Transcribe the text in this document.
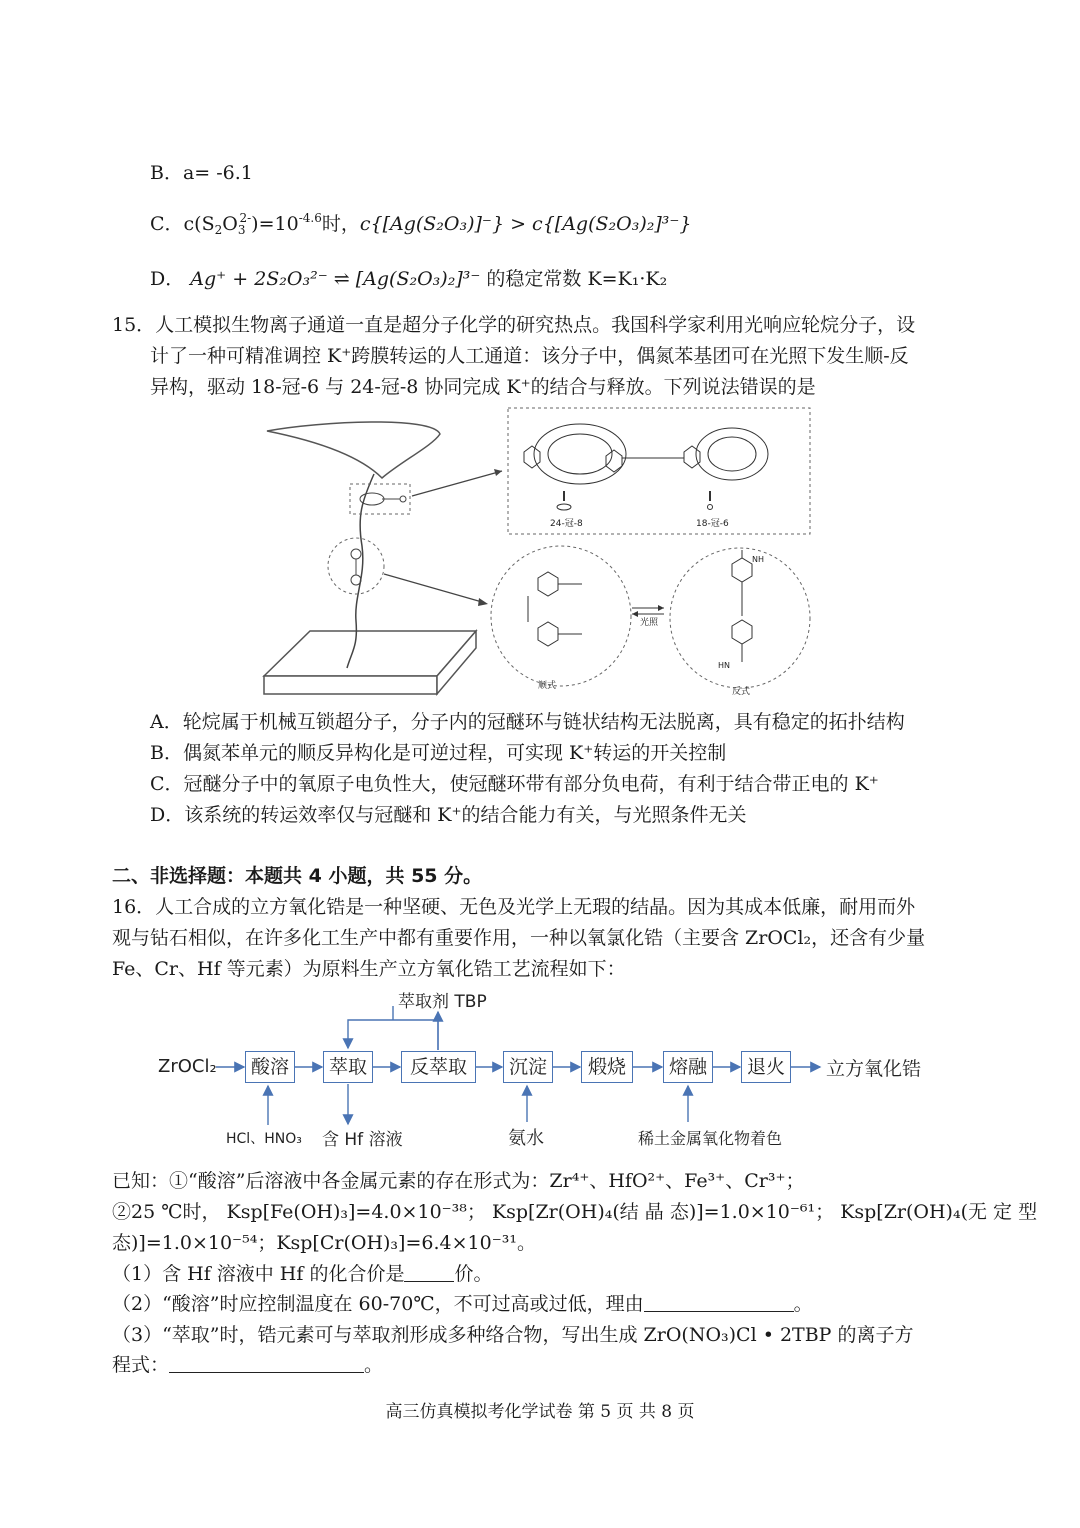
B．a= -6.1
C．$c(S_2O_3^{2-})=10^{-4.6}$时，c{[Ag(S₂O₃)]⁻} > c{[Ag(S₂O₃)₂]³⁻}
D． Ag⁺ + 2S₂O₃²⁻ ⇌ [Ag(S₂O₃)₂]³⁻ 的稳定常数 K=K₁·K₂
15．人工模拟生物离子通道一直是超分子化学的研究热点。我国科学家利用光响应轮烷分子，设
计了一种可精准调控 K⁺跨膜转运的人工通道：该分子中，偶氮苯基团可在光照下发生顺-反
异构，驱动 18-冠-6 与 24-冠-8 协同完成 K⁺的结合与释放。下列说法错误的是
24-冠-8	18-冠-6
顺式
光照
NH
HN
反式
A．轮烷属于机械互锁超分子，分子内的冠醚环与链状结构无法脱离，具有稳定的拓扑结构
B．偶氮苯单元的顺反异构化是可逆过程，可实现 K⁺转运的开关控制
C．冠醚分子中的氧原子电负性大，使冠醚环带有部分负电荷，有利于结合带正电的 K⁺
D．该系统的转运效率仅与冠醚和 K⁺的结合能力有关，与光照条件无关
二、非选择题：本题共 4 小题，共 55 分。
16．人工合成的立方氧化锆是一种坚硬、无色及光学上无瑕的结晶。因为其成本低廉，耐用而外
观与钻石相似，在许多化工生产中都有重要作用，一种以氧氯化锆（主要含 ZrOCl₂，还含有少量
Fe、Cr、Hf 等元素）为原料生产立方氧化锆工艺流程如下：
ZrOCl₂	酸溶	萃取	反萃取	沉淀	煅烧	熔融	退火	立方氧化锆
萃取剂 TBP
HCl、HNO₃ 含 Hf 溶液	氨水	稀土金属氧化物着色
已知：①“酸溶”后溶液中各金属元素的存在形式为：Zr⁴⁺、HfO²⁺、Fe³⁺、Cr³⁺；
②25 ℃时， Ksp[Fe(OH)₃]=4.0×10⁻³⁸； Ksp[Zr(OH)₄(结 晶 态)]=1.0×10⁻⁶¹； Ksp[Zr(OH)₄(无 定 型
态)]=1.0×10⁻⁵⁴；Ksp[Cr(OH)₃]=6.4×10⁻³¹。
（1）含 Hf 溶液中 Hf 的化合价是	价。
（2）“酸溶”时应控制温度在 60-70℃，不可过高或过低，理由	。
（3）“萃取”时，锆元素可与萃取剂形成多种络合物，写出生成 ZrO(NO₃)Cl • 2TBP 的离子方
程式：	。
高三仿真模拟考化学试卷 第 5 页 共 8 页
